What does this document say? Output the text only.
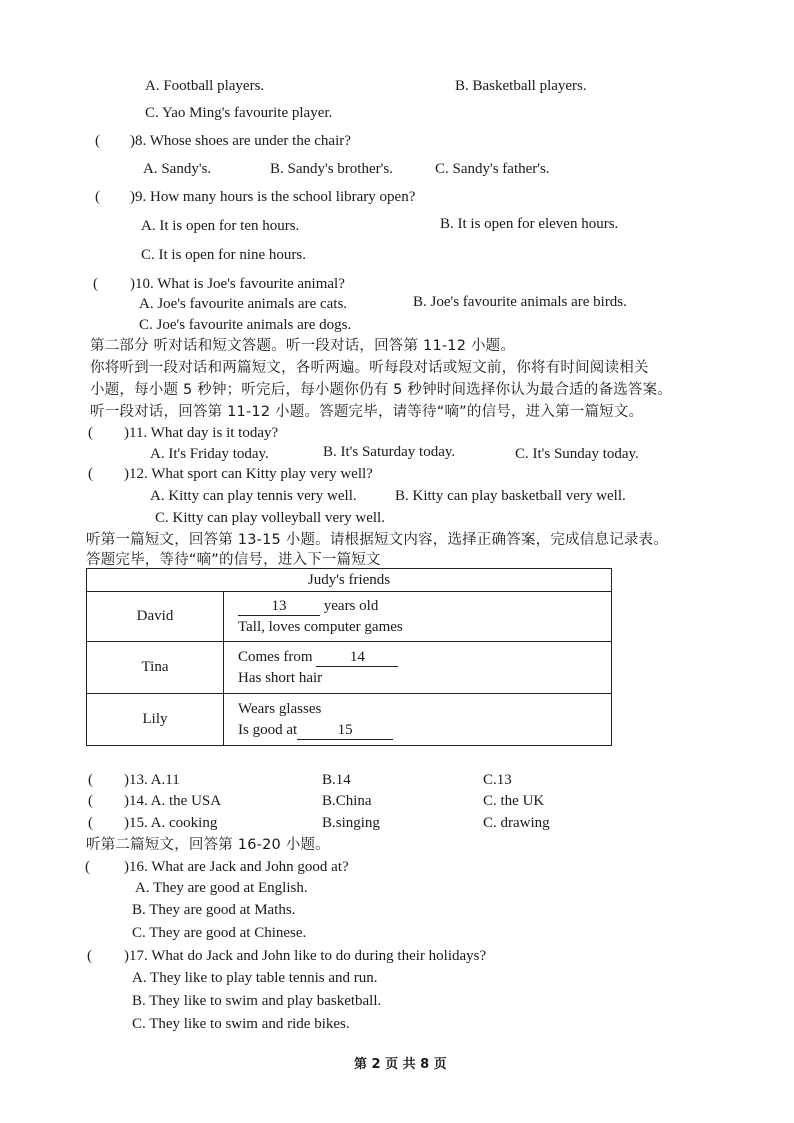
A. Football players.	B. Basketball players.
C. Yao Ming's favourite player.
( )8. Whose shoes are under the chair?
A. Sandy's.	B. Sandy's brother's.	C. Sandy's father's.
( )9. How many hours is the school library open?
A. It is open for ten hours.	B. It is open for eleven hours.
C. It is open for nine hours.
( )10. What is Joe's favourite animal?
A. Joe's favourite animals are cats.	B. Joe's favourite animals are birds.
C. Joe's favourite animals are dogs.
第二部分 听对话和短文答题。听一段对话，回答第 11-12 小题。
你将听到一段对话和两篇短文，各听两遍。听每段对话或短文前，你将有时间阅读相关
小题，每小题 5 秒钟；听完后，每小题你仍有 5 秒钟时间选择你认为最合适的备选答案。
听一段对话，回答第 11-12 小题。答题完毕，请等待“嘀”的信号，进入第一篇短文。
( )11. What day is it today?
A. It's Friday today.	B. It's Saturday today.	C. It's Sunday today.
( )12. What sport can Kitty play very well?
A. Kitty can play tennis very well.	B. Kitty can play basketball very well.
C. Kitty can play volleyball very well.
听第一篇短文，回答第 13-15 小题。请根据短文内容，选择正确答案，完成信息记录表。
答题完毕，等待“嘀”的信号，进入下一篇短文
Judy's friends	
David	13 years old
Tall, loves computer games

Tina	Comes from 14
Has short hair

Lily	Wears glasses
Is good at 15
( )13. A.11	B.14	C.13
( )14. A. the USA	B.China	C. the UK
( )15. A. cooking	B.singing	C. drawing
听第二篇短文，回答第 16-20 小题。
( )16. What are Jack and John good at?
A. They are good at English.
B. They are good at Maths.
C. They are good at Chinese.
( )17. What do Jack and John like to do during their holidays?
A. They like to play table tennis and run.
B. They like to swim and play basketball.
C. They like to swim and ride bikes.
第 2 页 共 8 页
